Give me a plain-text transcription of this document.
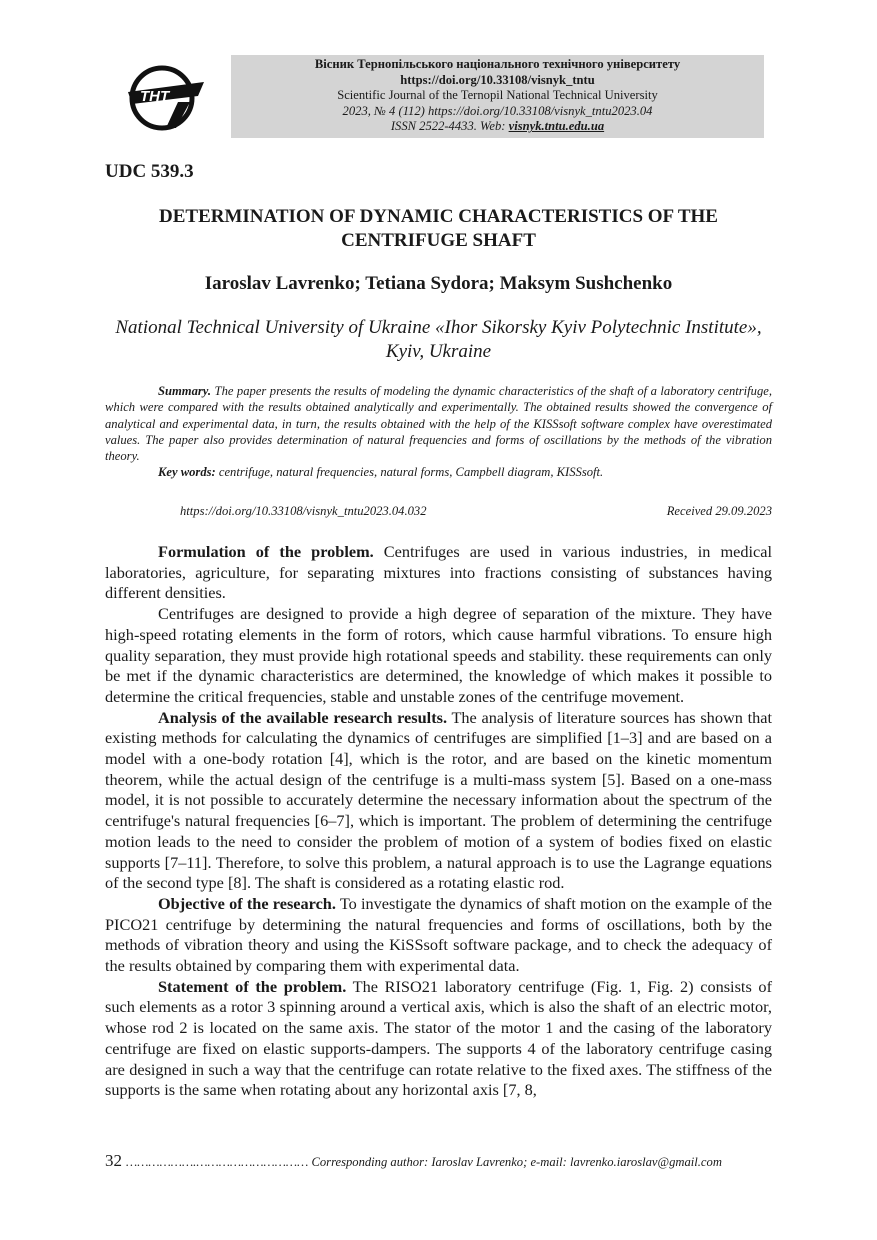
ТНТ
Вісник Тернопільського національного технічного університету
https://doi.org/10.33108/visnyk_tntu
Scientific Journal of the Ternopil National Technical University
2023, № 4 (112) https://doi.org/10.33108/visnyk_tntu2023.04
ISSN 2522-4433. Web: visnyk.tntu.edu.ua
UDC 539.3
DETERMINATION OF DYNAMIC CHARACTERISTICS OF THE CENTRIFUGE SHAFT
Iaroslav Lavrenko; Tetiana Sydora; Maksym Sushchenko
National Technical University of Ukraine «Ihor Sikorsky Kyiv Polytechnic Institute», Kyiv, Ukraine

Summary. The paper presents the results of modeling the dynamic characteristics of the shaft of a laboratory centrifuge, which were compared with the results obtained analytically and experimentally. The obtained results showed the convergence of analytical and experimental data, in turn, the results obtained with the help of the KISSsoft software complex have overestimated values. The paper also provides determination of natural frequencies and forms of oscillations by the methods of the vibration theory.

Key words: centrifuge, natural frequencies, natural forms, Campbell diagram, KISSsoft.

https://doi.org/10.33108/visnyk_tntu2023.04.032	Received 29.09.2023

Formulation of the problem. Centrifuges are used in various industries, in medical laboratories, agriculture, for separating mixtures into fractions consisting of substances having different densities.

Centrifuges are designed to provide a high degree of separation of the mixture. They have high-speed rotating elements in the form of rotors, which cause harmful vibrations. To ensure high quality separation, they must provide high rotational speeds and stability. these requirements can only be met if the dynamic characteristics are determined, the knowledge of which makes it possible to determine the critical frequencies, stable and unstable zones of the centrifuge movement.

Analysis of the available research results. The analysis of literature sources has shown that existing methods for calculating the dynamics of centrifuges are simplified [1–3] and are based on a model with a one-body rotation [4], which is the rotor, and are based on the kinetic momentum theorem, while the actual design of the centrifuge is a multi-mass system [5]. Based on a one-mass model, it is not possible to accurately determine the necessary information about the spectrum of the centrifuge's natural frequencies [6–7], which is important. The problem of determining the centrifuge motion leads to the need to consider the problem of motion of a system of bodies fixed on elastic supports [7–11]. Therefore, to solve this problem, a natural approach is to use the Lagrange equations of the second type [8]. The shaft is considered as a rotating elastic rod.

Objective of the research. To investigate the dynamics of shaft motion on the example of the PICO21 centrifuge by determining the natural frequencies and forms of oscillations, both by the methods of vibration theory and using the KiSSsoft software package, and to check the adequacy of the results obtained by comparing them with experimental data.

Statement of the problem. The RISO21 laboratory centrifuge (Fig. 1, Fig. 2) consists of such elements as a rotor 3 spinning around a vertical axis, which is also the shaft of an electric motor, whose rod 2 is located on the same axis. The stator of the motor 1 and the casing of the laboratory centrifuge are fixed on elastic supports-dampers. The supports 4 of the laboratory centrifuge casing are designed in such a way that the centrifuge can rotate relative to the fixed axes. The stiffness of the supports is the same when rotating about any horizontal axis [7, 8,

32 ……………….………………………… Corresponding author: Iaroslav Lavrenko; e-mail: lavrenko.iaroslav@gmail.com
